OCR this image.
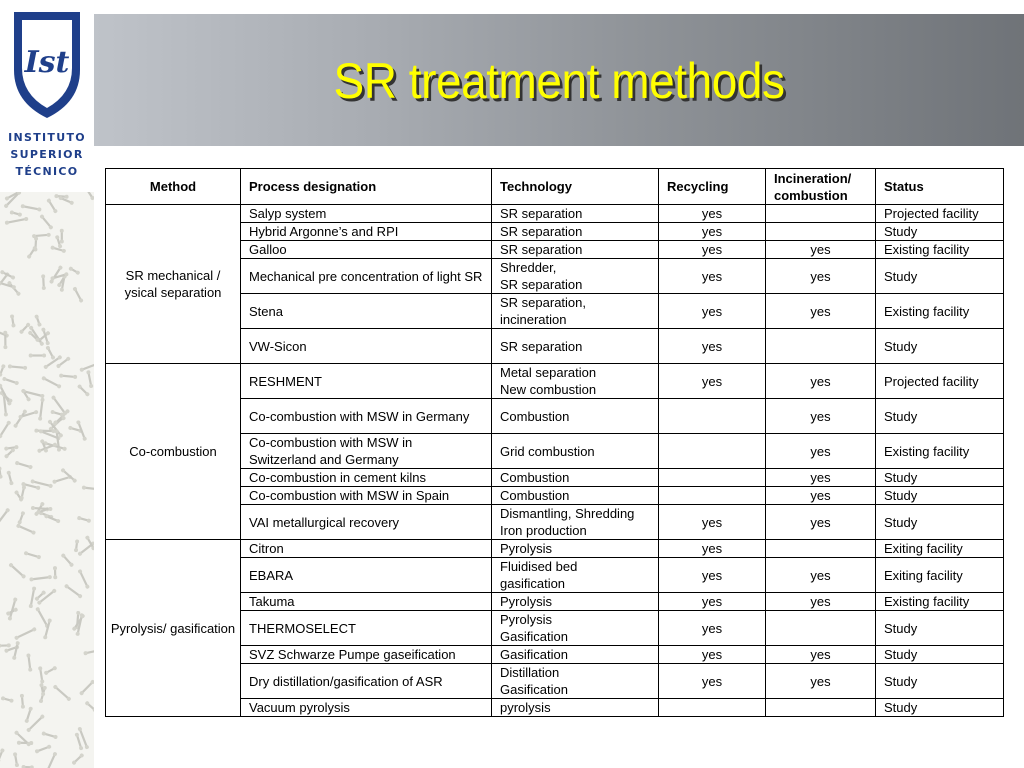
Ist
INSTITUTO
SUPERIOR
TÉCNICO
SR treatment methods
Method	Process designation	Technology	Recycling	Incineration/ combustion	Status
SR mechanical / ysical separation	Salyp system	SR separation	yes		Projected facility
	Hybrid Argonne’s and RPI	SR separation	yes		Study
	Galloo	SR separation	yes	yes	Existing facility
	Mechanical pre concentration of light SR	Shredder,
SR separation	yes	yes	Study
	Stena	SR separation,
incineration	yes	yes	Existing facility
	VW-Sicon	SR separation	yes		Study
Co-combustion	RESHMENT	Metal separation
New combustion	yes	yes	Projected facility
	Co-combustion with MSW in Germany	Combustion		yes	Study
	Co-combustion with MSW in Switzerland and Germany	Grid combustion		yes	Existing facility
	Co-combustion in cement kilns	Combustion		yes	Study
	Co-combustion with MSW in Spain	Combustion		yes	Study
	VAI metallurgical recovery	Dismantling, Shredding
Iron production	yes	yes	Study
Pyrolysis/ gasification	Citron	Pyrolysis	yes		Exiting facility
	EBARA	Fluidised bed
gasification	yes	yes	Exiting facility
	Takuma	Pyrolysis	yes	yes	Existing facility
	THERMOSELECT	Pyrolysis
Gasification	yes		Study
	SVZ Schwarze Pumpe gaseification	Gasification	yes	yes	Study
	Dry distillation/gasification of ASR	Distillation
Gasification	yes	yes	Study
	Vacuum pyrolysis	pyrolysis			Study
